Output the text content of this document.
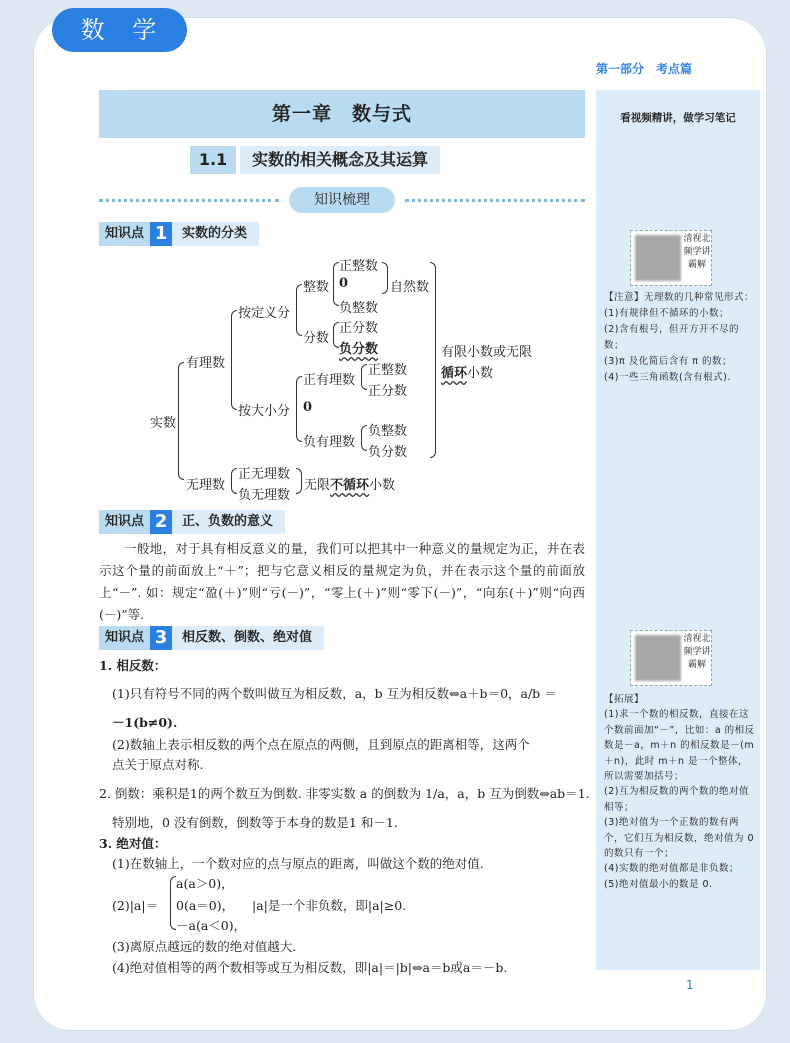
数 学
第一部分　考点篇
看视频精讲，做学习笔记
清视北频学讲霸解
【注意】无理数的几种常见形式：
(1)有规律但不循环的小数；
(2)含有根号，但开方开不尽的数；
(3)π 及化简后含有 π 的数；
(4)一些三角函数(含有根式).
清视北频学讲霸解
【拓展】
(1)求一个数的相反数，直接在这个数前面加“－”，比如：a 的相反数是－a，m＋n 的相反数是－(m＋n)，此时 m＋n 是一个整体，所以需要加括号；
(2)互为相反数的两个数的绝对值相等；
(3)绝对值为一个正数的数有两个，它们互为相反数，绝对值为 0 的数只有一个；
(4)实数的绝对值都是非负数；
(5)绝对值最小的数是 0.
第一章　数与式
1.1	实数的相关概念及其运算
知识梳理
知识点 1	实数的分类
实数
有理数
无理数
按定义分
按大小分
整数
分数
正整数
0
负整数
自然数
正分数
负分数	有限小数或无限
循环小数
正有理数
0
负有理数
正整数
正分数
负整数
负分数
正无理数
负无理数
无限不循环小数
知识点 2	正、负数的意义
一般地，对于具有相反意义的量，我们可以把其中一种意义的量规定为正，并在表示这个量的前面放上“＋”；把与它意义相反的量规定为负，并在表示这个量的前面放上“－”. 如：规定“盈(＋)”则“亏(－)”，“零上(＋)”则“零下(－)”，“向东(＋)”则“向西(－)”等.
知识点 3	相反数、倒数、绝对值
1. 相反数：
(1)只有符号不同的两个数叫做互为相反数，a，b 互为相反数⇔a＋b＝0，a/b ＝
－1(b≠0).
(2)数轴上表示相反数的两个点在原点的两侧，且到原点的距离相等，这两个
点关于原点对称.
2. 倒数：乘积是1的两个数互为倒数. 非零实数 a 的倒数为 1/a，a，b 互为倒数⇔ab＝1.
特别地，0 没有倒数，倒数等于本身的数是1 和－1.
3. 绝对值：
(1)在数轴上，一个数对应的点与原点的距离，叫做这个数的绝对值.
(2)|a|＝
a(a＞0)，
0(a＝0)，
－a(a＜0)，
|a|是一个非负数，即|a|≥0.
(3)离原点越远的数的绝对值越大.
(4)绝对值相等的两个数相等或互为相反数，即|a|＝|b|⇔a＝b或a＝－b.
1
